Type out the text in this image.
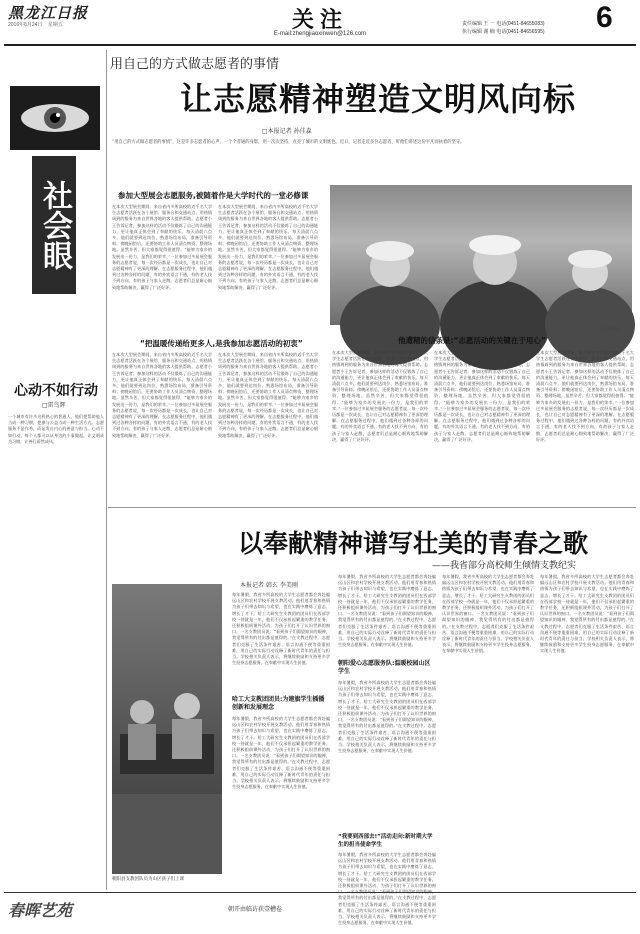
黑龙江日报
2016年6月24日 星期五	关注
E-mail:zhengjiaoxinwen@126.com
责任编辑 王 一 电话(0451-84655083)
执行编辑 谢 楠 电话(0451-84656595) 6
用自己的方式做志愿者的事情
让志愿精神塑造文明风向标
□本报记者 孙佳森
“用自己的方式做志愿者的事情”，这是许多志愿者的心声。一个个普通的身影，用一次次坚持，点亮了城市的文明底色。近日，记者走近多位志愿者，听他们讲述这份平凡而执着的坚守。
社会眼
心动不如行动
□雷鸟辉
一个城市有许多这样热心的普通人，他们把帮助他人当成一种习惯，把参与公益当成一种生活方式。志愿服务不是作秀，而是发自内心的善意与担当。心动不如行动，每个人都可以从身边的小事做起，让文明成为习惯，让善行蔚然成风。
参加大型展会志愿服务,被随着作是大学时代的一堂必修课
在本次大型展会期间，来自省内多所高校的近千名大学生志愿者活跃在各个展馆、服务台和交通站点，用热情周到的服务为来自世界各地的客人提供帮助。志愿者小王告诉记者，参加这样的活动不仅锻炼了自己的沟通能力，更让他真正体会到了奉献的快乐。每天清晨六点多，他们就要到达岗位，熟悉场馆布局，准备引导资料；傍晚闭馆后，还要协助工作人员清点物资、整理场地。虽然辛苦，但大家都觉得很值得。“能够为家乡的发展出一份力，是我们的荣幸。”一位参加过多届展会服务的志愿者说，每一次经历都是一次成长，也让自己对志愿精神有了更深的理解。在志愿服务过程中，他们遇到过各种各样的问题，有的外宾语言不通，有的老人找不到方向，有的孩子与家人走散，志愿者们总是耐心细致地帮助解决，赢得了广泛好评。
在本次大型展会期间，来自省内多所高校的近千名大学生志愿者活跃在各个展馆、服务台和交通站点，用热情周到的服务为来自世界各地的客人提供帮助。志愿者小王告诉记者，参加这样的活动不仅锻炼了自己的沟通能力，更让他真正体会到了奉献的快乐。每天清晨六点多，他们就要到达岗位，熟悉场馆布局，准备引导资料；傍晚闭馆后，还要协助工作人员清点物资、整理场地。虽然辛苦，但大家都觉得很值得。“能够为家乡的发展出一份力，是我们的荣幸。”一位参加过多届展会服务的志愿者说，每一次经历都是一次成长，也让自己对志愿精神有了更深的理解。在志愿服务过程中，他们遇到过各种各样的问题，有的外宾语言不通，有的老人找不到方向，有的孩子与家人走散，志愿者们总是耐心细致地帮助解决，赢得了广泛好评。
“把温暖传递给更多人,是我参加志愿活动的初衷”
在本次大型展会期间，来自省内多所高校的近千名大学生志愿者活跃在各个展馆、服务台和交通站点，用热情周到的服务为来自世界各地的客人提供帮助。志愿者小王告诉记者，参加这样的活动不仅锻炼了自己的沟通能力，更让他真正体会到了奉献的快乐。每天清晨六点多，他们就要到达岗位，熟悉场馆布局，准备引导资料；傍晚闭馆后，还要协助工作人员清点物资、整理场地。虽然辛苦，但大家都觉得很值得。“能够为家乡的发展出一份力，是我们的荣幸。”一位参加过多届展会服务的志愿者说，每一次经历都是一次成长，也让自己对志愿精神有了更深的理解。在志愿服务过程中，他们遇到过各种各样的问题，有的外宾语言不通，有的老人找不到方向，有的孩子与家人走散，志愿者们总是耐心细致地帮助解决，赢得了广泛好评。
在本次大型展会期间，来自省内多所高校的近千名大学生志愿者活跃在各个展馆、服务台和交通站点，用热情周到的服务为来自世界各地的客人提供帮助。志愿者小王告诉记者，参加这样的活动不仅锻炼了自己的沟通能力，更让他真正体会到了奉献的快乐。每天清晨六点多，他们就要到达岗位，熟悉场馆布局，准备引导资料；傍晚闭馆后，还要协助工作人员清点物资、整理场地。虽然辛苦，但大家都觉得很值得。“能够为家乡的发展出一份力，是我们的荣幸。”一位参加过多届展会服务的志愿者说，每一次经历都是一次成长，也让自己对志愿精神有了更深的理解。在志愿服务过程中，他们遇到过各种各样的问题，有的外宾语言不通，有的老人找不到方向，有的孩子与家人走散，志愿者们总是耐心细致地帮助解决，赢得了广泛好评。
本报资料片
他遭精的信条是:“志愿活动的关键在于用心”
在本次大型展会期间，来自省内多所高校的近千名大学生志愿者活跃在各个展馆、服务台和交通站点，用热情周到的服务为来自世界各地的客人提供帮助。志愿者小王告诉记者，参加这样的活动不仅锻炼了自己的沟通能力，更让他真正体会到了奉献的快乐。每天清晨六点多，他们就要到达岗位，熟悉场馆布局，准备引导资料；傍晚闭馆后，还要协助工作人员清点物资、整理场地。虽然辛苦，但大家都觉得很值得。“能够为家乡的发展出一份力，是我们的荣幸。”一位参加过多届展会服务的志愿者说，每一次经历都是一次成长，也让自己对志愿精神有了更深的理解。在志愿服务过程中，他们遇到过各种各样的问题，有的外宾语言不通，有的老人找不到方向，有的孩子与家人走散，志愿者们总是耐心细致地帮助解决，赢得了广泛好评。
在本次大型展会期间，来自省内多所高校的近千名大学生志愿者活跃在各个展馆、服务台和交通站点，用热情周到的服务为来自世界各地的客人提供帮助。志愿者小王告诉记者，参加这样的活动不仅锻炼了自己的沟通能力，更让他真正体会到了奉献的快乐。每天清晨六点多，他们就要到达岗位，熟悉场馆布局，准备引导资料；傍晚闭馆后，还要协助工作人员清点物资、整理场地。虽然辛苦，但大家都觉得很值得。“能够为家乡的发展出一份力，是我们的荣幸。”一位参加过多届展会服务的志愿者说，每一次经历都是一次成长，也让自己对志愿精神有了更深的理解。在志愿服务过程中，他们遇到过各种各样的问题，有的外宾语言不通，有的老人找不到方向，有的孩子与家人走散，志愿者们总是耐心细致地帮助解决，赢得了广泛好评。
在本次大型展会期间，来自省内多所高校的近千名大学生志愿者活跃在各个展馆、服务台和交通站点，用热情周到的服务为来自世界各地的客人提供帮助。志愿者小王告诉记者，参加这样的活动不仅锻炼了自己的沟通能力，更让他真正体会到了奉献的快乐。每天清晨六点多，他们就要到达岗位，熟悉场馆布局，准备引导资料；傍晚闭馆后，还要协助工作人员清点物资、整理场地。虽然辛苦，但大家都觉得很值得。“能够为家乡的发展出一份力，是我们的荣幸。”一位参加过多届展会服务的志愿者说，每一次经历都是一次成长，也让自己对志愿精神有了更深的理解。在志愿服务过程中，他们遇到过各种各样的问题，有的外宾语言不通，有的老人找不到方向，有的孩子与家人走散，志愿者们总是耐心细致地帮助解决，赢得了广泛好评。
以奉献精神谱写壮美的青春之歌
——我省部分高校师生倾情支教纪实
朝阳县支教团队员为山区孩子们上课
本报记者 韩玄 李美刚
哈工大支教团团员:为建旗学生插播创新和发展理念
每年暑假，我省多所高校的大学生志愿者都会奔赴偏远山区和农村学校开展支教活动。他们用青春和热情为孩子们带去知识与希望，也在实践中磨炼了意志、增长了才干。哈工大研究生支教团的团员们在西部学校一待就是一年，他们不仅承担起繁重的教学任务，还积极组织课外活动，为孩子们打开了认识世界的窗口。一名支教团员说：“看到孩子们渴望知识的眼神，我觉得所有的付出都是值得的。”在支教过程中，志愿者们克服了生活条件艰苦、语言沟通不便等重重困难，用自己的实际行动诠释了新时代青年的责任与担当。学校相关负责人表示，将继续鼓励和支持更多学生投身志愿服务，在奉献中实现人生价值。
每年暑假，我省多所高校的大学生志愿者都会奔赴偏远山区和农村学校开展支教活动。他们用青春和热情为孩子们带去知识与希望，也在实践中磨炼了意志、增长了才干。哈工大研究生支教团的团员们在西部学校一待就是一年，他们不仅承担起繁重的教学任务，还积极组织课外活动，为孩子们打开了认识世界的窗口。一名支教团员说：“看到孩子们渴望知识的眼神，我觉得所有的付出都是值得的。”在支教过程中，志愿者们克服了生活条件艰苦、语言沟通不便等重重困难，用自己的实际行动诠释了新时代青年的责任与担当。学校相关负责人表示，将继续鼓励和支持更多学生投身志愿服务，在奉献中实现人生价值。
朝阳爱心志愿服务队:温暖校园山区学生
每年暑假，我省多所高校的大学生志愿者都会奔赴偏远山区和农村学校开展支教活动。他们用青春和热情为孩子们带去知识与希望，也在实践中磨炼了意志、增长了才干。哈工大研究生支教团的团员们在西部学校一待就是一年，他们不仅承担起繁重的教学任务，还积极组织课外活动，为孩子们打开了认识世界的窗口。一名支教团员说：“看到孩子们渴望知识的眼神，我觉得所有的付出都是值得的。”在支教过程中，志愿者们克服了生活条件艰苦、语言沟通不便等重重困难，用自己的实际行动诠释了新时代青年的责任与担当。学校相关负责人表示，将继续鼓励和支持更多学生投身志愿服务，在奉献中实现人生价值。
每年暑假，我省多所高校的大学生志愿者都会奔赴偏远山区和农村学校开展支教活动。他们用青春和热情为孩子们带去知识与希望，也在实践中磨炼了意志、增长了才干。哈工大研究生支教团的团员们在西部学校一待就是一年，他们不仅承担起繁重的教学任务，还积极组织课外活动，为孩子们打开了认识世界的窗口。一名支教团员说：“看到孩子们渴望知识的眼神，我觉得所有的付出都是值得的。”在支教过程中，志愿者们克服了生活条件艰苦、语言沟通不便等重重困难，用自己的实际行动诠释了新时代青年的责任与担当。学校相关负责人表示，将继续鼓励和支持更多学生投身志愿服务，在奉献中实现人生价值。
“我要到西部去!”活动走向:新时期大学生的担当使命学生
每年暑假，我省多所高校的大学生志愿者都会奔赴偏远山区和农村学校开展支教活动。他们用青春和热情为孩子们带去知识与希望，也在实践中磨炼了意志、增长了才干。哈工大研究生支教团的团员们在西部学校一待就是一年，他们不仅承担起繁重的教学任务，还积极组织课外活动，为孩子们打开了认识世界的窗 我觉得所有的付出都是值得的。”在支教过程中，志愿者们克服了生活条件艰苦、语言沟通不便等重重困难，用自己的实际行动诠释了新时代青年的责任与担当。学校相关负责人表示，将继续鼓励和支持更多学生投身志愿服务，在奉献中实现人生价值。
每年暑假，我省多所高校的大学生志愿者都会奔赴偏远山区和农村学校开展支教活动。他们用青春和热情为孩子们带去知识与希望，也在实践中磨炼了意志、增长了才干。哈工大研究生支教团的团员们在西部学校一待就是一年，他们不仅承担起繁重的教学任务，还积极组织课外活动，为孩子们打开了认识世界的窗口。一名支教团员说：“看到孩子们渴望知识的眼神，我觉得所有的付出都是值得的。”在支教过程中，志愿者们克服了生活条件艰苦、语言沟通不便等重重困难，用自己的实际行动诠释了新时代青年的责任与担当。学校相关负责人表示，将继续鼓励和支持更多学生投身志愿服务，在奉献中实现人生价值。
每年暑假，我省多所高校的大学生志愿者都会奔赴偏远山区和农村学校开展支教活动。他们用青春和热情为孩子们带去知识与希望，也在实践中磨炼了意志、增长了才干。哈工大研究生支教团的团员们在西部学校一待就是一年，他们不仅承担起繁重的教学任务，还积极组织课外活动，为孩子们打开了认识世界的窗口。一名支教团员说：“看到孩子们渴望知识的眼神，我觉得所有的付出都是值得的。”在支教过程中，志愿者们克服了生活条件艰苦、语言沟通不便等重重困难，用自己的实际行动诠释了新时代青年的责任与担当。学校相关负责人表示，将继续鼓励和支持更多学生投身志愿服务，在奉献中实现人生价值。
春晖艺苑	朝开由临访获壹槽卷
